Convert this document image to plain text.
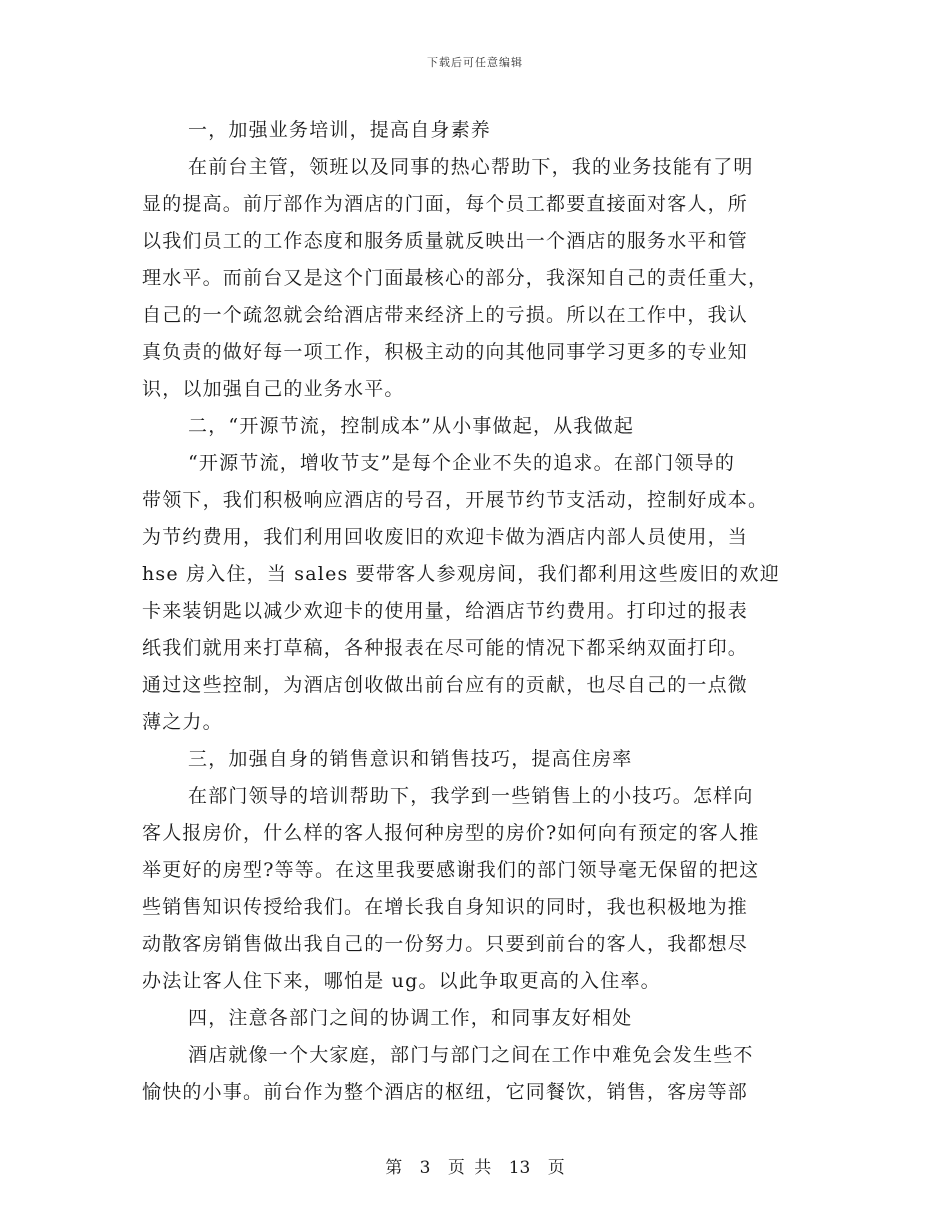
下载后可任意编辑
一，加强业务培训，提高自身素养
在前台主管，领班以及同事的热心帮助下，我的业务技能有了明
显的提高。前厅部作为酒店的门面，每个员工都要直接面对客人，所
以我们员工的工作态度和服务质量就反映出一个酒店的服务水平和管
理水平。而前台又是这个门面最核心的部分，我深知自己的责任重大，
自己的一个疏忽就会给酒店带来经济上的亏损。所以在工作中，我认
真负责的做好每一项工作，积极主动的向其他同事学习更多的专业知
识，以加强自己的业务水平。
二，“开源节流，控制成本”从小事做起，从我做起
“开源节流，增收节支”是每个企业不失的追求。在部门领导的
带领下，我们积极响应酒店的号召，开展节约节支活动，控制好成本。
为节约费用，我们利用回收废旧的欢迎卡做为酒店内部人员使用，当
hse 房入住，当 sales 要带客人参观房间，我们都利用这些废旧的欢迎
卡来装钥匙以减少欢迎卡的使用量，给酒店节约费用。打印过的报表
纸我们就用来打草稿，各种报表在尽可能的情况下都采纳双面打印。
通过这些控制，为酒店创收做出前台应有的贡献，也尽自己的一点微
薄之力。
三，加强自身的销售意识和销售技巧，提高住房率
在部门领导的培训帮助下，我学到一些销售上的小技巧。怎样向
客人报房价，什么样的客人报何种房型的房价?如何向有预定的客人推
举更好的房型?等等。在这里我要感谢我们的部门领导毫无保留的把这
些销售知识传授给我们。在增长我自身知识的同时，我也积极地为推
动散客房销售做出我自己的一份努力。只要到前台的客人，我都想尽
办法让客人住下来，哪怕是 ug。以此争取更高的入住率。
四，注意各部门之间的协调工作，和同事友好相处
酒店就像一个大家庭，部门与部门之间在工作中难免会发生些不
愉快的小事。前台作为整个酒店的枢纽，它同餐饮，销售，客房等部
第 3 页 共 13 页
